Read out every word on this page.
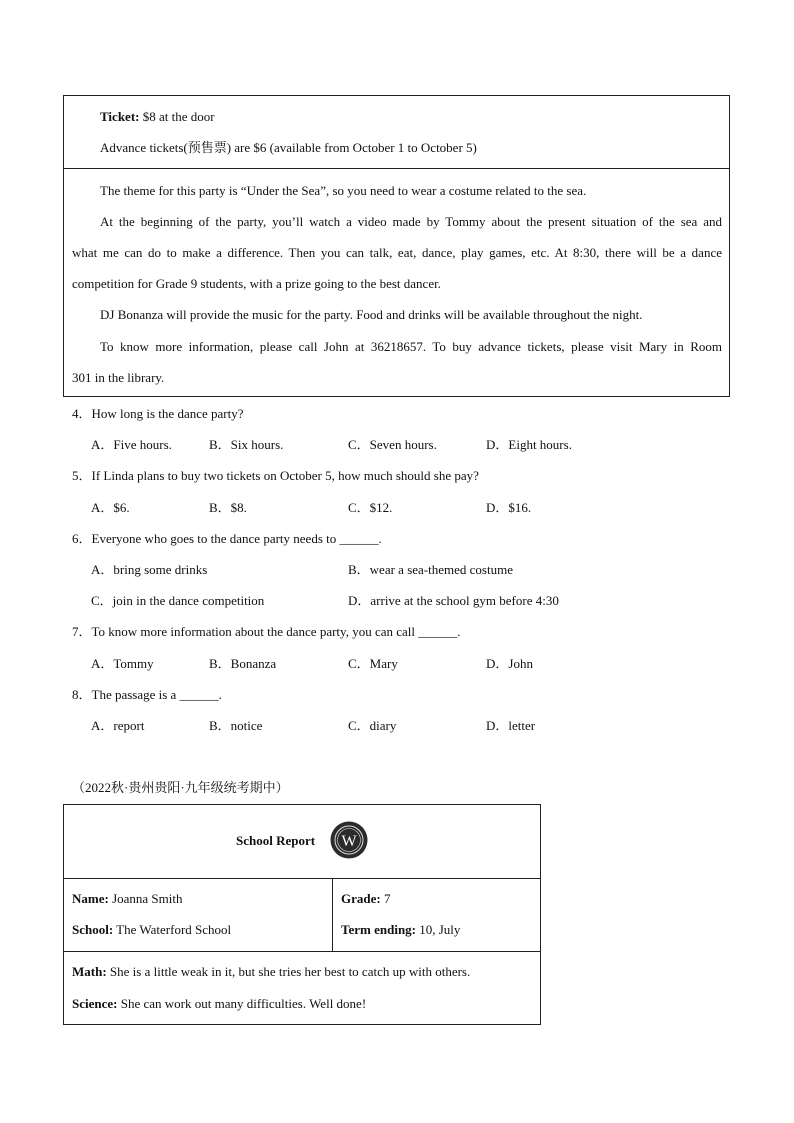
Ticket: $8 at the door
Advance tickets(预售票) are $6 (available from October 1 to October 5)
The theme for this party is “Under the Sea”, so you need to wear a costume related to the sea.
At the beginning of the party, you’ll watch a video made by Tommy about the present situation of the sea and
what me can do to make a difference. Then you can talk, eat, dance, play games, etc. At 8:30, there will be a dance
competition for Grade 9 students, with a prize going to the best dancer.
DJ Bonanza will provide the music for the party. Food and drinks will be available throughout the night.
To know more information, please call John at 36218657. To buy advance tickets, please visit Mary in Room
301 in the library.
4．How long is the dance party?
A．Five hours.	B．Six hours.	C．Seven hours.	D．Eight hours.
5．If Linda plans to buy two tickets on October 5, how much should she pay?
A．$6.	B．$8.	C．$12.	D．$16.
6．Everyone who goes to the dance party needs to ______.
A．bring some drinks	B．wear a sea-themed costume
C．join in the dance competition	D．arrive at the school gym before 4:30
7．To know more information about the dance party, you can call ______.
A．Tommy	B．Bonanza	C．Mary	D．John
8．The passage is a ______.
A．report	B．notice	C．diary	D．letter
（2022秋·贵州贵阳·九年级统考期中）
School Report W
Name: Joanna Smith	Grade: 7
School: The Waterford School	Term ending: 10, July
Math: She is a little weak in it, but she tries her best to catch up with others.
Science: She can work out many difficulties. Well done!
